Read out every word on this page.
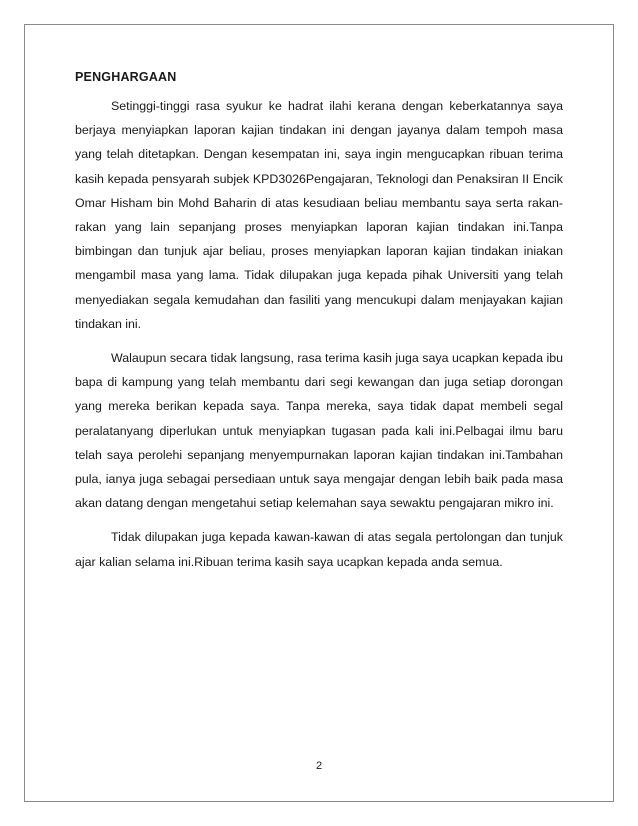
PENGHARGAAN

Setinggi-tinggi rasa syukur ke hadrat ilahi kerana dengan keberkatannya saya berjaya menyiapkan laporan kajian tindakan ini dengan jayanya dalam tempoh masa yang telah ditetapkan. Dengan kesempatan ini, saya ingin mengucapkan ribuan terima kasih kepada pensyarah subjek KPD3026Pengajaran, Teknologi dan Penaksiran II Encik Omar Hisham bin Mohd Baharin di atas kesudiaan beliau membantu saya serta rakan- rakan yang lain sepanjang proses menyiapkan laporan kajian tindakan ini.Tanpa bimbingan dan tunjuk ajar beliau, proses menyiapkan laporan kajian tindakan iniakan mengambil masa yang lama. Tidak dilupakan juga kepada pihak Universiti yang telah menyediakan segala kemudahan dan fasiliti yang mencukupi dalam menjayakan kajian tindakan ini.

Walaupun secara tidak langsung, rasa terima kasih juga saya ucapkan kepada ibu bapa di kampung yang telah membantu dari segi kewangan dan juga setiap dorongan yang mereka berikan kepada saya. Tanpa mereka, saya tidak dapat membeli segal peralatanyang diperlukan untuk menyiapkan tugasan pada kali ini.Pelbagai ilmu baru telah saya perolehi sepanjang menyempurnakan laporan kajian tindakan ini.Tambahan pula, ianya juga sebagai persediaan untuk saya mengajar dengan lebih baik pada masa akan datang dengan mengetahui setiap kelemahan saya sewaktu pengajaran mikro ini.

Tidak dilupakan juga kepada kawan-kawan di atas segala pertolongan dan tunjuk ajar kalian selama ini.Ribuan terima kasih saya ucapkan kepada anda semua.

2
